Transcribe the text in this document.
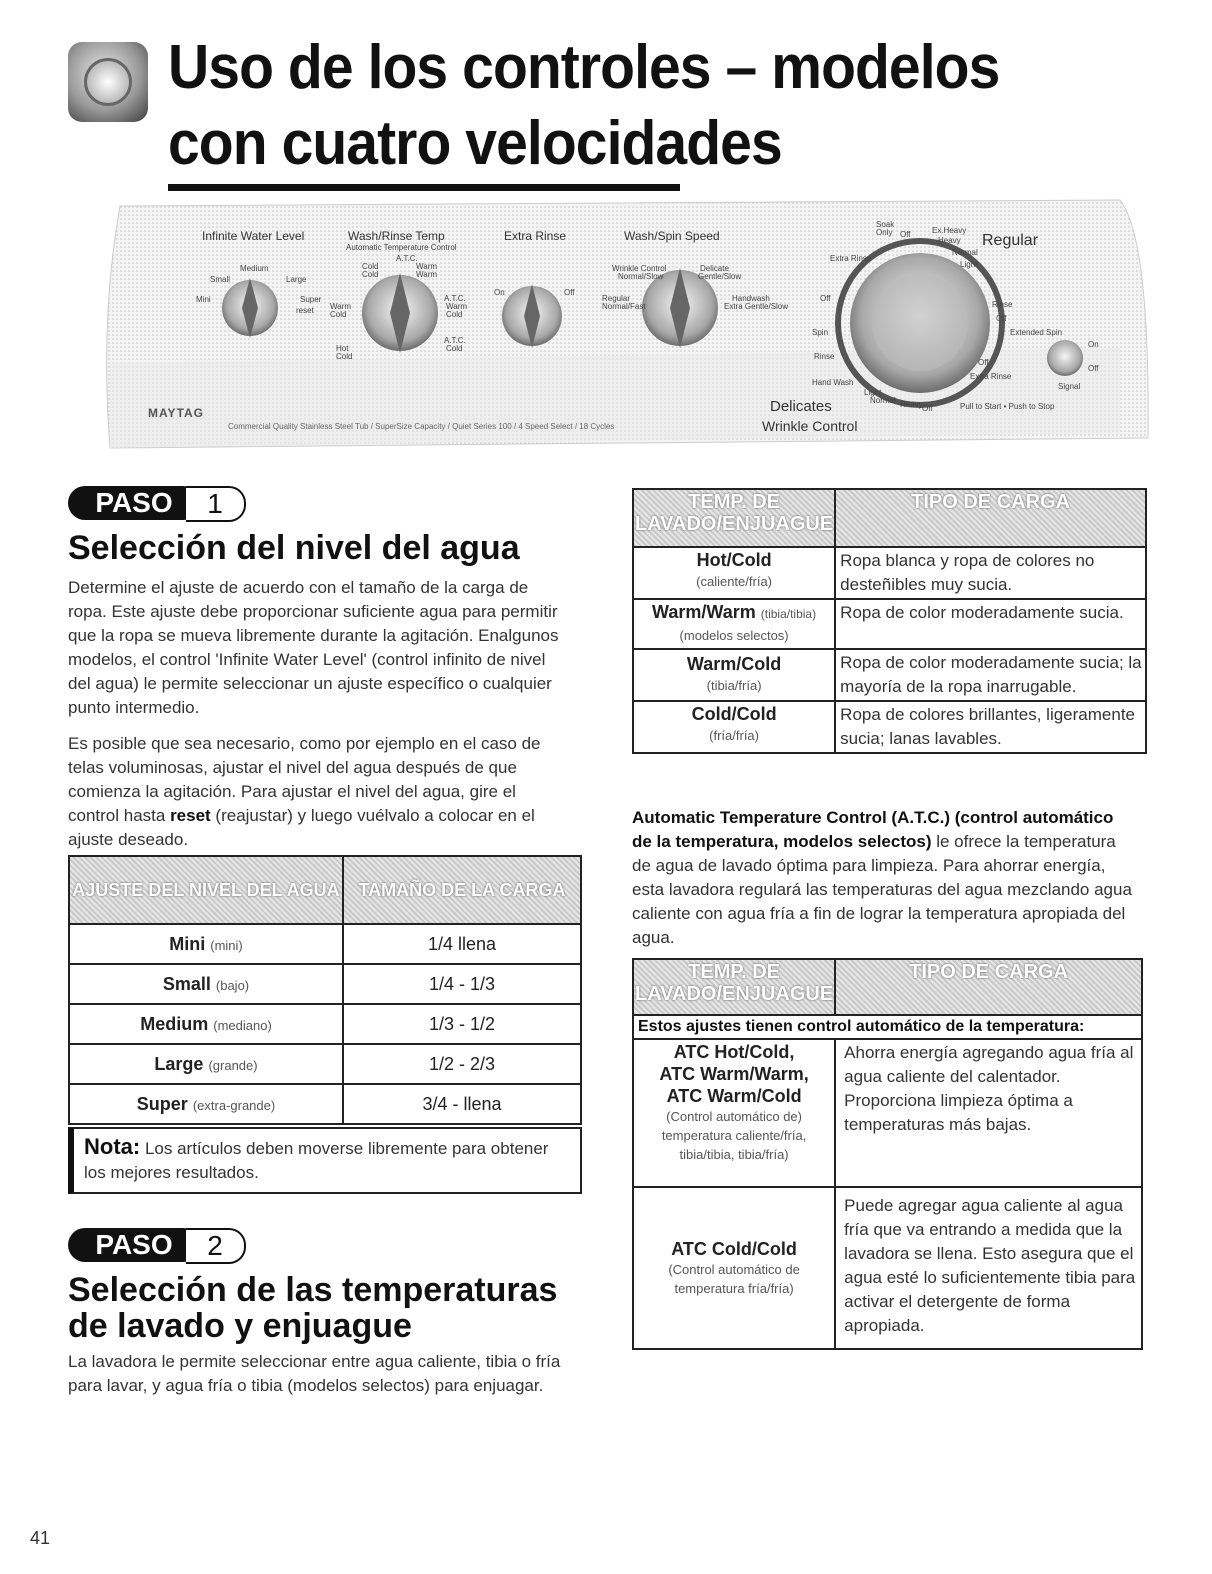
Uso de los controles – modelos
con cuatro velocidades
Infinite Water Level	Wash/Rinse Temp
Automatic Temperature Control
Extra Rinse	Wash/Spin Speed	Regular
Delicates
Wrinkle Control
MAYTAG
Commercial Quality Stainless Steel Tub / SuperSize Capacity / Quiet Series 100 / 4 Speed Select / 18 Cycles
Medium
Small	Large
Mini	Super
reset
Cold	Warm
Cold	Warm
Warm
Cold
Warm
Cold
Hot
Cold
Cold
A.T.C.
A.T.C.
A.T.C.
On	Off
Wrinkle Control
Normal/Slow
Delicate
Gentle/Slow
Regular
Normal/Fast
Handwash
Extra Gentle/Slow
Soak
Only Off	Ex.Heavy
Heavy
Normal
Light
Extra Rinse
Off
Rinse
Off
Spin	Extended Spin
Rinse
Off
Extra Rinse
Hand Wash
Light
Normal Heavy Off
On
Off
Signal
Pull to Start • Push to Stop
PASO	1
Selección del nivel del agua
Determine el ajuste de acuerdo con el tamaño de la carga de ropa. Este ajuste debe proporcionar suficiente agua para permitir que la ropa se mueva libremente durante la agitación. Enalgunos modelos, el control 'Infinite Water Level' (control infinito de nivel del agua) le permite seleccionar un ajuste específico o cualquier punto intermedio.
Es posible que sea necesario, como por ejemplo en el caso de telas voluminosas, ajustar el nivel del agua después de que comienza la agitación. Para ajustar el nivel del agua, gire el control hasta reset (reajustar) y luego vuélvalo a colocar en el ajuste deseado.
AJUSTE DEL NIVEL DEL AGUA	TAMAÑO DE LA CARGA
Mini (mini)	1/4 llena
Small (bajo)	1/4 - 1/3
Medium (mediano)	1/3 - 1/2
Large (grande)	1/2 - 2/3
Super (extra-grande)	3/4 - llena
Nota: Los artículos deben moverse libremente para obtener los mejores resultados.
PASO	2
Selección de las temperaturas de lavado y enjuague
La lavadora le permite seleccionar entre agua caliente, tibia o fría para lavar, y agua fría o tibia (modelos selectos) para enjuagar.
TEMP. DE LAVADO/ENJUAGUE	TIPO DE CARGA

Hot/Cold
(caliente/fría)	Ropa blanca y ropa de colores no desteñibles muy sucia.

Warm/Warm (tibia/tibia)
(modelos selectos)	Ropa de color moderadamente sucia.

Warm/Cold
(tibia/fría)	Ropa de color moderadamente sucia; la mayoría de la ropa inarrugable.

Cold/Cold
(fría/fría)	Ropa de colores brillantes, ligeramente sucia; lanas lavables.
Automatic Temperature Control (A.T.C.) (control automático de la temperatura, modelos selectos) le ofrece la temperatura de agua de lavado óptima para limpieza. Para ahorrar energía, esta lavadora regulará las temperaturas del agua mezclando agua caliente con agua fría a fin de lograr la temperatura apropiada del agua.
TEMP. DE LAVADO/ENJUAGUE	TIPO DE CARGA
Estos ajustes tienen control automático de la temperatura:	

ATC Hot/Cold,
ATC Warm/Warm,
ATC Warm/Cold
(Control automático de) temperatura caliente/fría, tibia/tibia, tibia/fría)	Ahorra energía agregando agua fría al agua caliente del calentador. Proporciona limpieza óptima a temperaturas más bajas.

ATC Cold/Cold
(Control automático de temperatura fría/fría)	Puede agregar agua caliente al agua fría que va entrando a medida que la lavadora se llena. Esto asegura que el agua esté lo suficientemente tibia para activar el detergente de forma apropiada.
41
